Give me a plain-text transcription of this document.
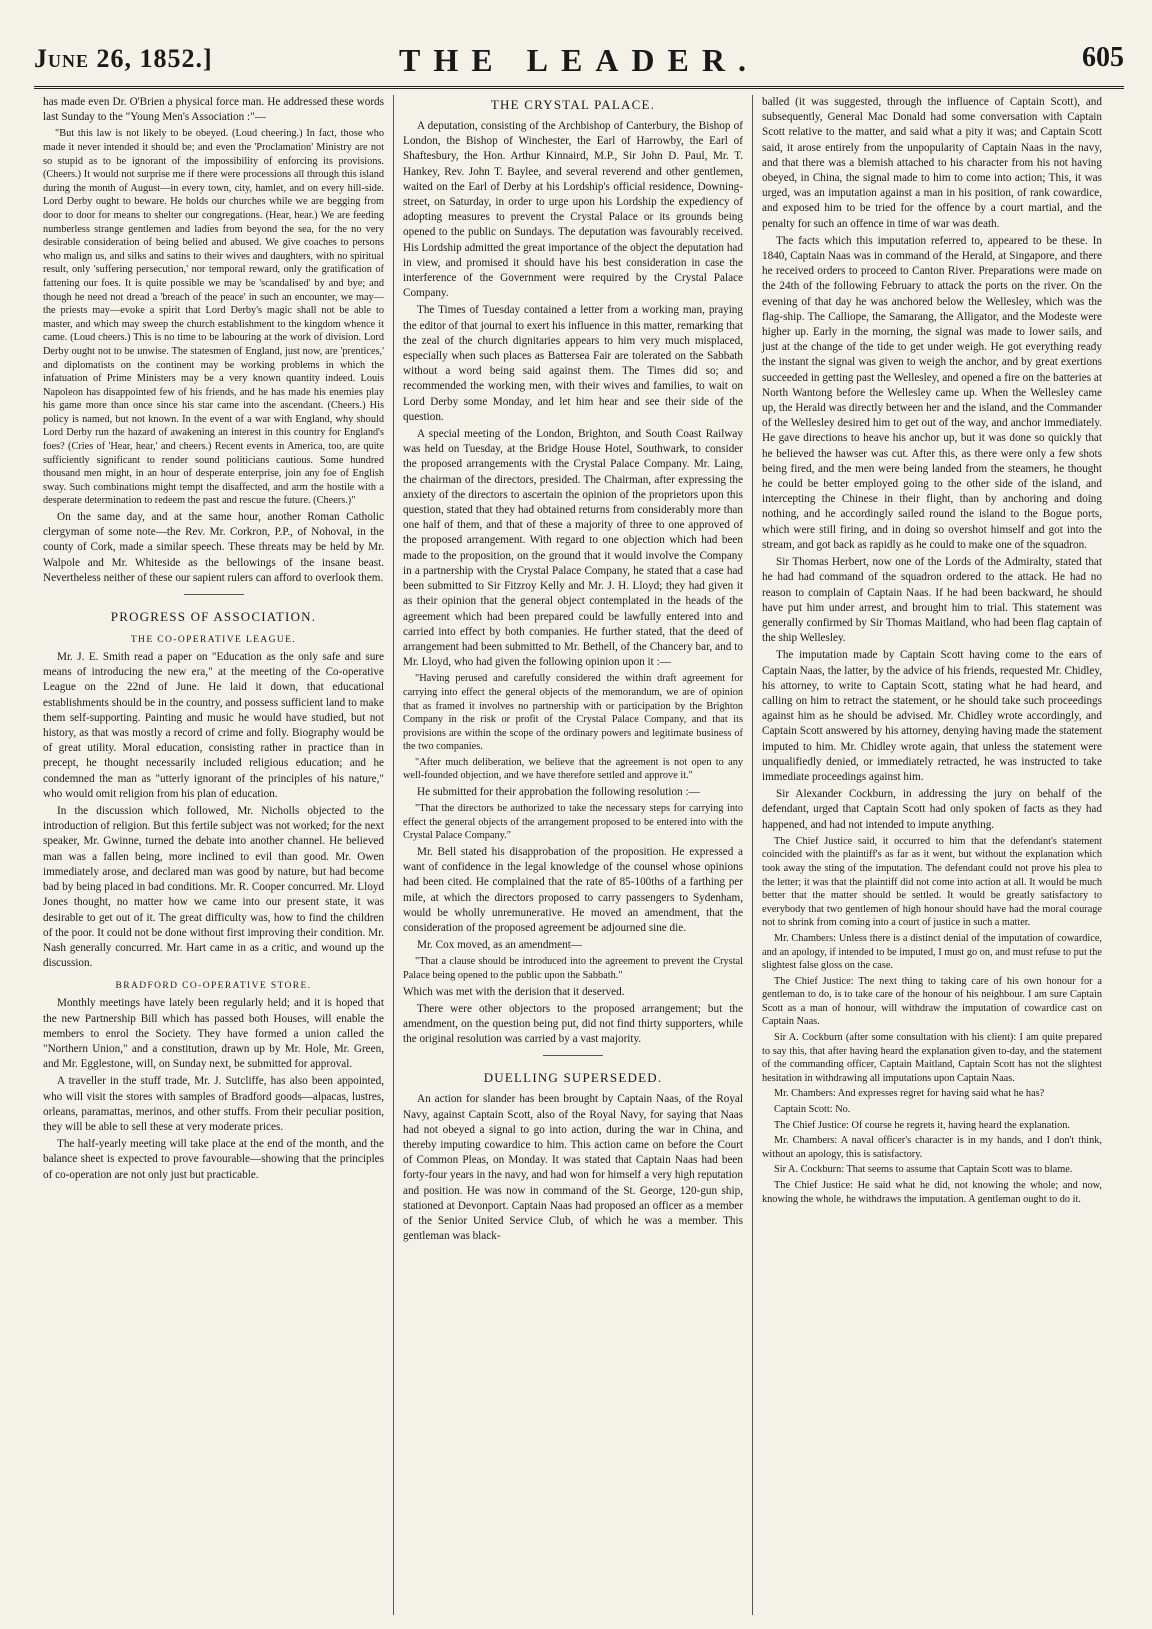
June 26, 1852.]	THE LEADER.	605

has made even Dr. O'Brien a physical force man. He addressed these words last Sunday to the "Young Men's Association :"—

"But this law is not likely to be obeyed. (Loud cheering.) In fact, those who made it never intended it should be; and even the 'Proclamation' Ministry are not so stupid as to be ignorant of the impossibility of enforcing its provisions. (Cheers.) It would not surprise me if there were processions all through this island during the month of August—in every town, city, hamlet, and on every hill-side. Lord Derby ought to beware. He holds our churches while we are begging from door to door for means to shelter our congregations. (Hear, hear.) We are feeding numberless strange gentlemen and ladies from beyond the sea, for the no very desirable consideration of being belied and abused. We give coaches to persons who malign us, and silks and satins to their wives and daughters, with no spiritual result, only 'suffering persecution,' nor temporal reward, only the gratification of fattening our foes. It is quite possible we may be 'scandalised' by and bye; and though he need not dread a 'breach of the peace' in such an encounter, we may—the priests may—evoke a spirit that Lord Derby's magic shall not be able to master, and which may sweep the church establishment to the kingdom whence it came. (Loud cheers.) This is no time to be labouring at the work of division. Lord Derby ought not to be unwise. The statesmen of England, just now, are 'prentices,' and diplomatists on the continent may be working problems in which the infatuation of Prime Ministers may be a very known quantity indeed. Louis Napoleon has disappointed few of his friends, and he has made his enemies play his game more than once since his star came into the ascendant. (Cheers.) His policy is named, but not known. In the event of a war with England, why should Lord Derby run the hazard of awakening an interest in this country for England's foes? (Cries of 'Hear, hear,' and cheers.) Recent events in America, too, are quite sufficiently significant to render sound politicians cautious. Some hundred thousand men might, in an hour of desperate enterprise, join any foe of English sway. Such combinations might tempt the disaffected, and arm the hostile with a desperate determination to redeem the past and rescue the future. (Cheers.)"

On the same day, and at the same hour, another Roman Catholic clergyman of some note—the Rev. Mr. Corkron, P.P., of Nohoval, in the county of Cork, made a similar speech. These threats may be held by Mr. Walpole and Mr. Whiteside as the bellowings of the insane beast. Nevertheless neither of these our sapient rulers can afford to overlook them.

PROGRESS OF ASSOCIATION.
THE CO-OPERATIVE LEAGUE.

Mr. J. E. Smith read a paper on "Education as the only safe and sure means of introducing the new era," at the meeting of the Co-operative League on the 22nd of June. He laid it down, that educational establishments should be in the country, and possess sufficient land to make them self-supporting. Painting and music he would have studied, but not history, as that was mostly a record of crime and folly. Biography would be of great utility. Moral education, consisting rather in practice than in precept, he thought necessarily included religious education; and he condemned the man as "utterly ignorant of the principles of his nature," who would omit religion from his plan of education.

In the discussion which followed, Mr. Nicholls objected to the introduction of religion. But this fertile subject was not worked; for the next speaker, Mr. Gwinne, turned the debate into another channel. He believed man was a fallen being, more inclined to evil than good. Mr. Owen immediately arose, and declared man was good by nature, but had become bad by being placed in bad conditions. Mr. R. Cooper concurred. Mr. Lloyd Jones thought, no matter how we came into our present state, it was desirable to get out of it. The great difficulty was, how to find the children of the poor. It could not be done without first improving their condition. Mr. Nash generally concurred. Mr. Hart came in as a critic, and wound up the discussion.

BRADFORD CO-OPERATIVE STORE.

Monthly meetings have lately been regularly held; and it is hoped that the new Partnership Bill which has passed both Houses, will enable the members to enrol the Society. They have formed a union called the "Northern Union," and a constitution, drawn up by Mr. Hole, Mr. Green, and Mr. Egglestone, will, on Sunday next, be submitted for approval.

A traveller in the stuff trade, Mr. J. Sutcliffe, has also been appointed, who will visit the stores with samples of Bradford goods—alpacas, lustres, orleans, paramattas, merinos, and other stuffs. From their peculiar position, they will be able to sell these at very moderate prices.

The half-yearly meeting will take place at the end of the month, and the balance sheet is expected to prove favourable—showing that the principles of co-operation are not only just but practicable.

THE CRYSTAL PALACE.

A deputation, consisting of the Archbishop of Canterbury, the Bishop of London, the Bishop of Winchester, the Earl of Harrowby, the Earl of Shaftesbury, the Hon. Arthur Kinnaird, M.P., Sir John D. Paul, Mr. T. Hankey, Rev. John T. Baylee, and several reverend and other gentlemen, waited on the Earl of Derby at his Lordship's official residence, Downing-street, on Saturday, in order to urge upon his Lordship the expediency of adopting measures to prevent the Crystal Palace or its grounds being opened to the public on Sundays. The deputation was favourably received. His Lordship admitted the great importance of the object the deputation had in view, and promised it should have his best consideration in case the interference of the Government were required by the Crystal Palace Company.

The Times of Tuesday contained a letter from a working man, praying the editor of that journal to exert his influence in this matter, remarking that the zeal of the church dignitaries appears to him very much misplaced, especially when such places as Battersea Fair are tolerated on the Sabbath without a word being said against them. The Times did so; and recommended the working men, with their wives and families, to wait on Lord Derby some Monday, and let him hear and see their side of the question.

A special meeting of the London, Brighton, and South Coast Railway was held on Tuesday, at the Bridge House Hotel, Southwark, to consider the proposed arrangements with the Crystal Palace Company. Mr. Laing, the chairman of the directors, presided. The Chairman, after expressing the anxiety of the directors to ascertain the opinion of the proprietors upon this question, stated that they had obtained returns from considerably more than one half of them, and that of these a majority of three to one approved of the proposed arrangement. With regard to one objection which had been made to the proposition, on the ground that it would involve the Company in a partnership with the Crystal Palace Company, he stated that a case had been submitted to Sir Fitzroy Kelly and Mr. J. H. Lloyd; they had given it as their opinion that the general object contemplated in the heads of the agreement which had been prepared could be lawfully entered into and carried into effect by both companies. He further stated, that the deed of arrangement had been submitted to Mr. Bethell, of the Chancery bar, and to Mr. Lloyd, who had given the following opinion upon it :—

"Having perused and carefully considered the within draft agreement for carrying into effect the general objects of the memorandum, we are of opinion that as framed it involves no partnership with or participation by the Brighton Company in the risk or profit of the Crystal Palace Company, and that its provisions are within the scope of the ordinary powers and legitimate business of the two companies.

"After much deliberation, we believe that the agreement is not open to any well-founded objection, and we have therefore settled and approve it."

He submitted for their approbation the following resolution :—

"That the directors be authorized to take the necessary steps for carrying into effect the general objects of the arrangement proposed to be entered into with the Crystal Palace Company."

Mr. Bell stated his disapprobation of the proposition. He expressed a want of confidence in the legal knowledge of the counsel whose opinions had been cited. He complained that the rate of 85-100ths of a farthing per mile, at which the directors proposed to carry passengers to Sydenham, would be wholly unremunerative. He moved an amendment, that the consideration of the proposed agreement be adjourned sine die.

Mr. Cox moved, as an amendment—

"That a clause should be introduced into the agreement to prevent the Crystal Palace being opened to the public upon the Sabbath."

Which was met with the derision that it deserved.

There were other objectors to the proposed arrangement; but the amendment, on the question being put, did not find thirty supporters, while the original resolution was carried by a vast majority.

DUELLING SUPERSEDED.

An action for slander has been brought by Captain Naas, of the Royal Navy, against Captain Scott, also of the Royal Navy, for saying that Naas had not obeyed a signal to go into action, during the war in China, and thereby imputing cowardice to him. This action came on before the Court of Common Pleas, on Monday. It was stated that Captain Naas had been forty-four years in the navy, and had won for himself a very high reputation and position. He was now in command of the St. George, 120-gun ship, stationed at Devonport. Captain Naas had proposed an officer as a member of the Senior United Service Club, of which he was a member. This gentleman was black-

balled (it was suggested, through the influence of Captain Scott), and subsequently, General Mac Donald had some conversation with Captain Scott relative to the matter, and said what a pity it was; and Captain Scott said, it arose entirely from the unpopularity of Captain Naas in the navy, and that there was a blemish attached to his character from his not having obeyed, in China, the signal made to him to come into action; This, it was urged, was an imputation against a man in his position, of rank cowardice, and exposed him to be tried for the offence by a court martial, and the penalty for such an offence in time of war was death.

The facts which this imputation referred to, appeared to be these. In 1840, Captain Naas was in command of the Herald, at Singapore, and there he received orders to proceed to Canton River. Preparations were made on the 24th of the following February to attack the ports on the river. On the evening of that day he was anchored below the Wellesley, which was the flag-ship. The Calliope, the Samarang, the Alligator, and the Modeste were higher up. Early in the morning, the signal was made to lower sails, and just at the change of the tide to get under weigh. He got everything ready the instant the signal was given to weigh the anchor, and by great exertions succeeded in getting past the Wellesley, and opened a fire on the batteries at North Wantong before the Wellesley came up. When the Wellesley came up, the Herald was directly between her and the island, and the Commander of the Wellesley desired him to get out of the way, and anchor immediately. He gave directions to heave his anchor up, but it was done so quickly that he believed the hawser was cut. After this, as there were only a few shots being fired, and the men were being landed from the steamers, he thought he could be better employed going to the other side of the island, and intercepting the Chinese in their flight, than by anchoring and doing nothing, and he accordingly sailed round the island to the Bogue ports, which were still firing, and in doing so overshot himself and got into the stream, and got back as rapidly as he could to make one of the squadron.

Sir Thomas Herbert, now one of the Lords of the Admiralty, stated that he had had command of the squadron ordered to the attack. He had no reason to complain of Captain Naas. If he had been backward, he should have put him under arrest, and brought him to trial. This statement was generally confirmed by Sir Thomas Maitland, who had been flag captain of the ship Wellesley.

The imputation made by Captain Scott having come to the ears of Captain Naas, the latter, by the advice of his friends, requested Mr. Chidley, his attorney, to write to Captain Scott, stating what he had heard, and calling on him to retract the statement, or he should take such proceedings against him as he should be advised. Mr. Chidley wrote accordingly, and Captain Scott answered by his attorney, denying having made the statement imputed to him. Mr. Chidley wrote again, that unless the statement were unqualifiedly denied, or immediately retracted, he was instructed to take immediate proceedings against him.

Sir Alexander Cockburn, in addressing the jury on behalf of the defendant, urged that Captain Scott had only spoken of facts as they had happened, and had not intended to impute anything.

The Chief Justice said, it occurred to him that the defendant's statement coincided with the plaintiff's as far as it went, but without the explanation which took away the sting of the imputation. The defendant could not prove his plea to the letter; it was that the plaintiff did not come into action at all. It would be much better that the matter should be settled. It would be greatly satisfactory to everybody that two gentlemen of high honour should have had the moral courage not to shrink from coming into a court of justice in such a matter.

Mr. Chambers: Unless there is a distinct denial of the imputation of cowardice, and an apology, if intended to be imputed, I must go on, and must refuse to put the slightest false gloss on the case.

The Chief Justice: The next thing to taking care of his own honour for a gentleman to do, is to take care of the honour of his neighbour. I am sure Captain Scott as a man of honour, will withdraw the imputation of cowardice cast on Captain Naas.

Sir A. Cockburn (after some consultation with his client): I am quite prepared to say this, that after having heard the explanation given to-day, and the statement of the commanding officer, Captain Maitland, Captain Scott has not the slightest hesitation in withdrawing all imputations upon Captain Naas.

Mr. Chambers: And expresses regret for having said what he has?

Captain Scott: No.

The Chief Justice: Of course he regrets it, having heard the explanation.

Mr. Chambers: A naval officer's character is in my hands, and I don't think, without an apology, this is satisfactory.

Sir A. Cockburn: That seems to assume that Captain Scott was to blame.

The Chief Justice: He said what he did, not knowing the whole; and now, knowing the whole, he withdraws the imputation. A gentleman ought to do it.
